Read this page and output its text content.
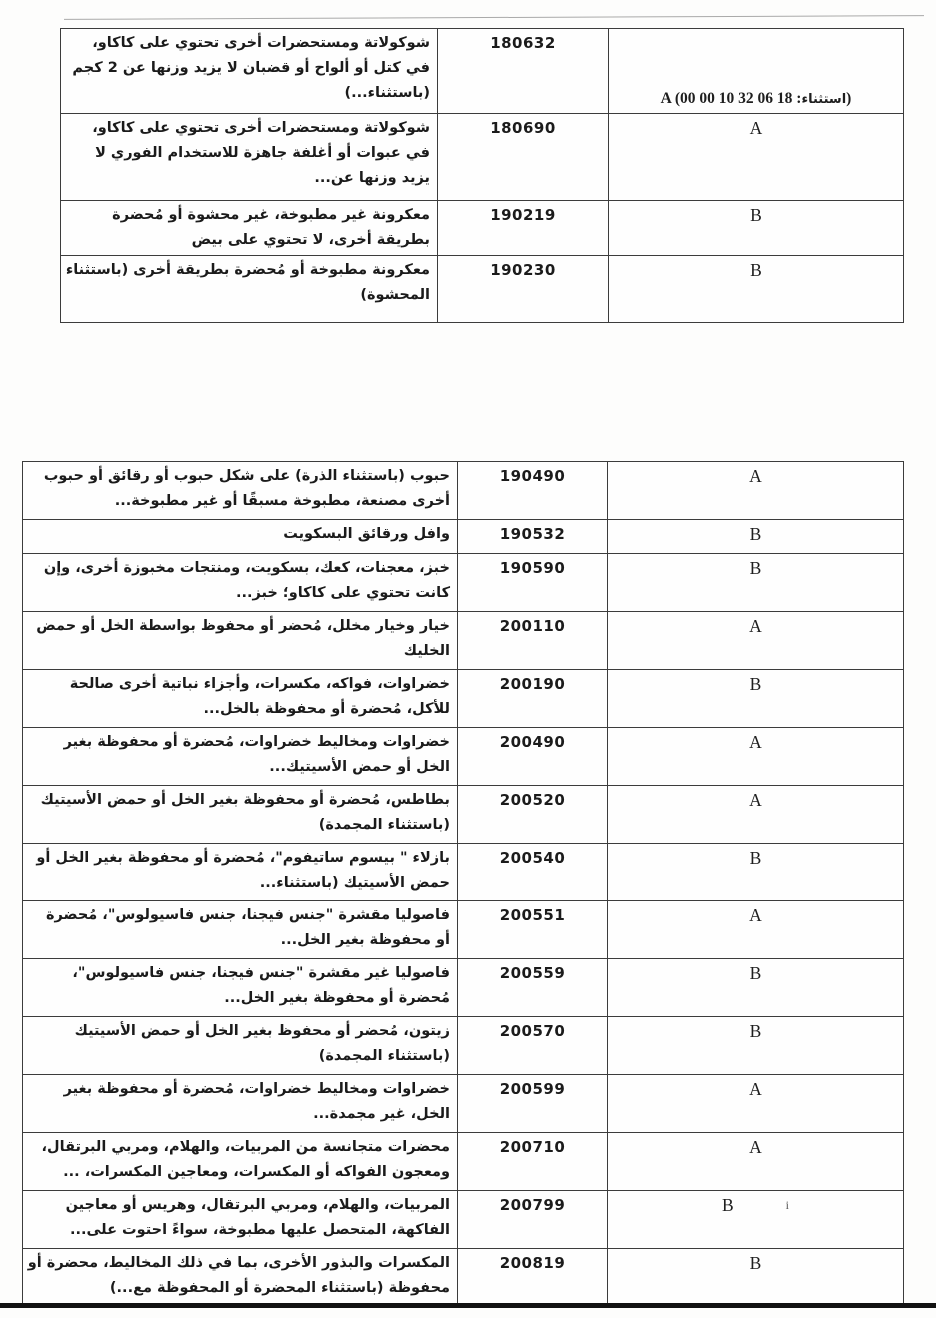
شوكولاتة ومستحضرات أخرى تحتوي على كاكاو، في كتل أو ألواح أو قضبان لا يزيد وزنها عن 2 كجم (باستثناء...)	180632	A ( استثناء: 18 06 32 10 00 00)
شوكولاتة ومستحضرات أخرى تحتوي على كاكاو، في عبوات أو أغلفة جاهزة للاستخدام الفوري لا يزيد وزنها عن...	180690	A
معكرونة غير مطبوخة، غير محشوة أو مُحضرة بطريقة أخرى، لا تحتوي على بيض	190219	B
معكرونة مطبوخة أو مُحضرة بطريقة أخرى (باستثناء المحشوة)	190230	B
حبوب (باستثناء الذرة) على شكل حبوب أو رقائق أو حبوب أخرى مصنعة، مطبوخة مسبقًا أو غير مطبوخة...	190490	A
وافل ورقائق البسكويت	190532	B
خبز، معجنات، كعك، بسكويت، ومنتجات مخبوزة أخرى، وإن كانت تحتوي على كاكاو؛ خبز...	190590	B
خيار وخيار مخلل، مُحضر أو محفوظ بواسطة الخل أو حمض الخليك	200110	A
خضراوات، فواكه، مكسرات، وأجزاء نباتية أخرى صالحة للأكل، مُحضرة أو محفوظة بالخل...	200190	B
خضراوات ومخاليط خضراوات، مُحضرة أو محفوظة بغير الخل أو حمض الأسيتيك...	200490	A
بطاطس، مُحضرة أو محفوظة بغير الخل أو حمض الأسيتيك (باستثناء المجمدة)	200520	A
بازلاء " بيسوم ساتيفوم"، مُحضرة أو محفوظة بغير الخل أو حمض الأسيتيك (باستثناء...	200540	B
فاصوليا مقشرة "جنس فيجنا، جنس فاسيولوس"، مُحضرة أو محفوظة بغير الخل...	200551	A
فاصوليا غير مقشرة "جنس فيجنا، جنس فاسيولوس"، مُحضرة أو محفوظة بغير الخل...	200559	B
زيتون، مُحضر أو محفوظ بغير الخل أو حمض الأسيتيك (باستثناء المجمدة)	200570	B
خضراوات ومخاليط خضراوات، مُحضرة أو محفوظة بغير الخل، غير مجمدة...	200599	A
محضرات متجانسة من المربيات، والهلام، ومربي البرتقال، ومعجون الفواكه أو المكسرات، ومعاجين المكسرات، ...	200710	A
المربيات، والهلام، ومربي البرتقال، وهريس أو معاجين الفاكهة، المتحصل عليها مطبوخة، سواءً احتوت على...	200799	B i
المكسرات والبذور الأخرى، بما في ذلك المخاليط، محضرة أو محفوظة (باستثناء المحضرة أو المحفوظة مع...)	200819	B
